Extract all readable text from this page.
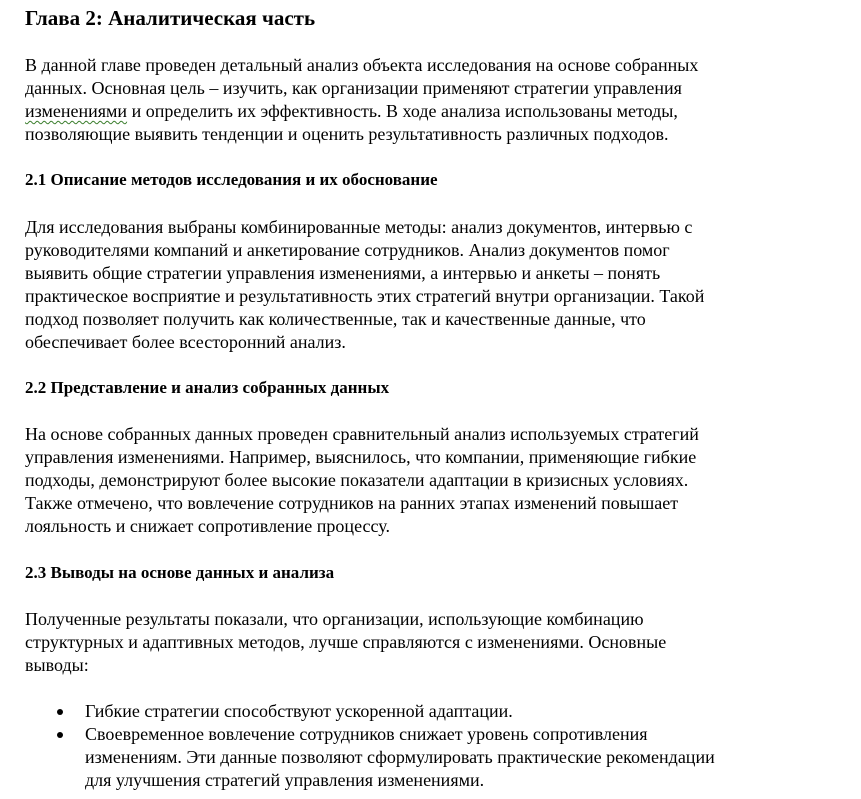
Глава 2: Аналитическая часть
В данной главе проведен детальный анализ объекта исследования на основе собранных
данных. Основная цель – изучить, как организации применяют стратегии управления
изменениями и определить их эффективность. В ходе анализа использованы методы,
позволяющие выявить тенденции и оценить результативность различных подходов.
2.1 Описание методов исследования и их обоснование
Для исследования выбраны комбинированные методы: анализ документов, интервью с
руководителями компаний и анкетирование сотрудников. Анализ документов помог
выявить общие стратегии управления изменениями, а интервью и анкеты – понять
практическое восприятие и результативность этих стратегий внутри организации. Такой
подход позволяет получить как количественные, так и качественные данные, что
обеспечивает более всесторонний анализ.
2.2 Представление и анализ собранных данных
На основе собранных данных проведен сравнительный анализ используемых стратегий
управления изменениями. Например, выяснилось, что компании, применяющие гибкие
подходы, демонстрируют более высокие показатели адаптации в кризисных условиях.
Также отмечено, что вовлечение сотрудников на ранних этапах изменений повышает
лояльность и снижает сопротивление процессу.
2.3 Выводы на основе данных и анализа
Полученные результаты показали, что организации, использующие комбинацию
структурных и адаптивных методов, лучше справляются с изменениями. Основные
выводы:
Гибкие стратегии способствуют ускоренной адаптации.
Своевременное вовлечение сотрудников снижает уровень сопротивления
изменениям. Эти данные позволяют сформулировать практические рекомендации
для улучшения стратегий управления изменениями.
